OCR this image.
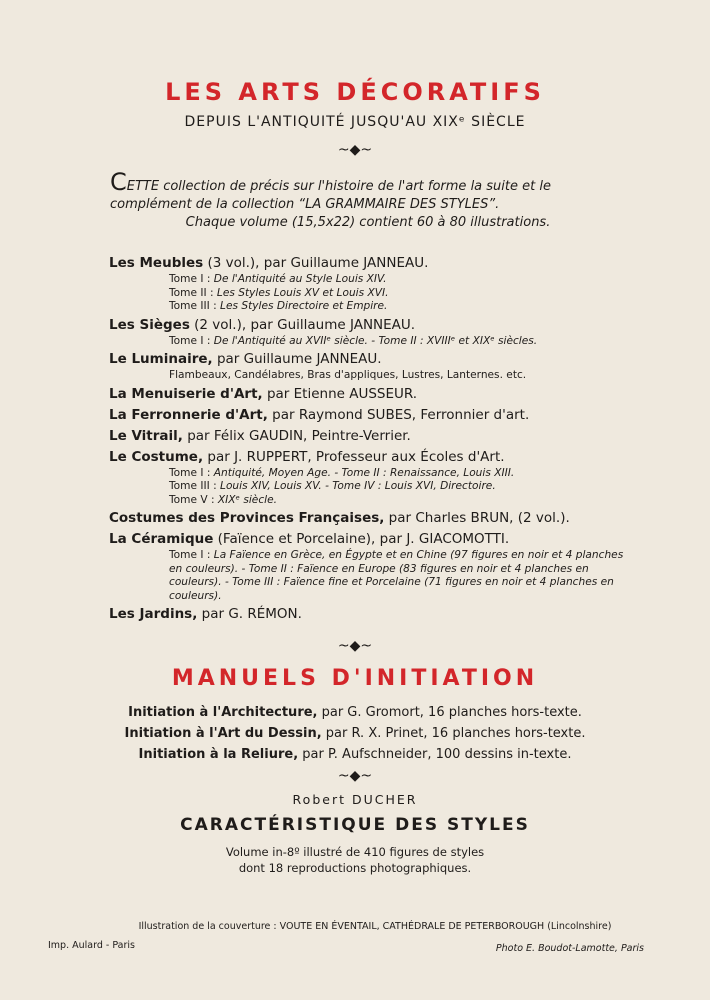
LES ARTS DÉCORATIFS
DEPUIS L'ANTIQUITÉ JUSQU'AU XIXᵉ SIÈCLE
~◆~
CETTE collection de précis sur l'histoire de l'art forme la suite et le complément de la collection “LA GRAMMAIRE DES STYLES”.
Chaque volume (15,5x22) contient 60 à 80 illustrations.
Les Meubles (3 vol.), par Guillaume JANNEAU.
Tome I : De l'Antiquité au Style Louis XIV.
Tome II : Les Styles Louis XV et Louis XVI.
Tome III : Les Styles Directoire et Empire.
Les Sièges (2 vol.), par Guillaume JANNEAU.
Tome I : De l'Antiquité au XVIIᵉ siècle. - Tome II : XVIIIᵉ et XIXᵉ siècles.
Le Luminaire, par Guillaume JANNEAU.
Flambeaux, Candélabres, Bras d'appliques, Lustres, Lanternes. etc.
La Menuiserie d'Art, par Etienne AUSSEUR.
La Ferronnerie d'Art, par Raymond SUBES, Ferronnier d'art.
Le Vitrail, par Félix GAUDIN, Peintre-Verrier.
Le Costume, par J. RUPPERT, Professeur aux Écoles d'Art.
Tome I : Antiquité, Moyen Age. - Tome II : Renaissance, Louis XIII.
Tome III : Louis XIV, Louis XV. - Tome IV : Louis XVI, Directoire.
Tome V : XIXᵉ siècle.
Costumes des Provinces Françaises, par Charles BRUN, (2 vol.).
La Céramique (Faïence et Porcelaine), par J. GIACOMOTTI.
Tome I : La Faïence en Grèce, en Égypte et en Chine (97 figures en noir et 4 planches en couleurs). - Tome II : Faïence en Europe (83 figures en noir et 4 planches en couleurs). - Tome III : Faïence fine et Porcelaine (71 figures en noir et 4 planches en couleurs).
Les Jardins, par G. RÉMON.
~◆~
MANUELS D'INITIATION
Initiation à l'Architecture, par G. Gromort, 16 planches hors-texte.
Initiation à l'Art du Dessin, par R. X. Prinet, 16 planches hors-texte.
Initiation à la Reliure, par P. Aufschneider, 100 dessins in-texte.
~◆~
Robert DUCHER
CARACTÉRISTIQUE DES STYLES
Volume in-8º illustré de 410 figures de styles
dont 18 reproductions photographiques.
Illustration de la couverture : VOUTE EN ÉVENTAIL, CATHÉDRALE DE PETERBOROUGH (Lincolnshire)
Imp. Aulard - Paris	Photo E. Boudot-Lamotte, Paris
